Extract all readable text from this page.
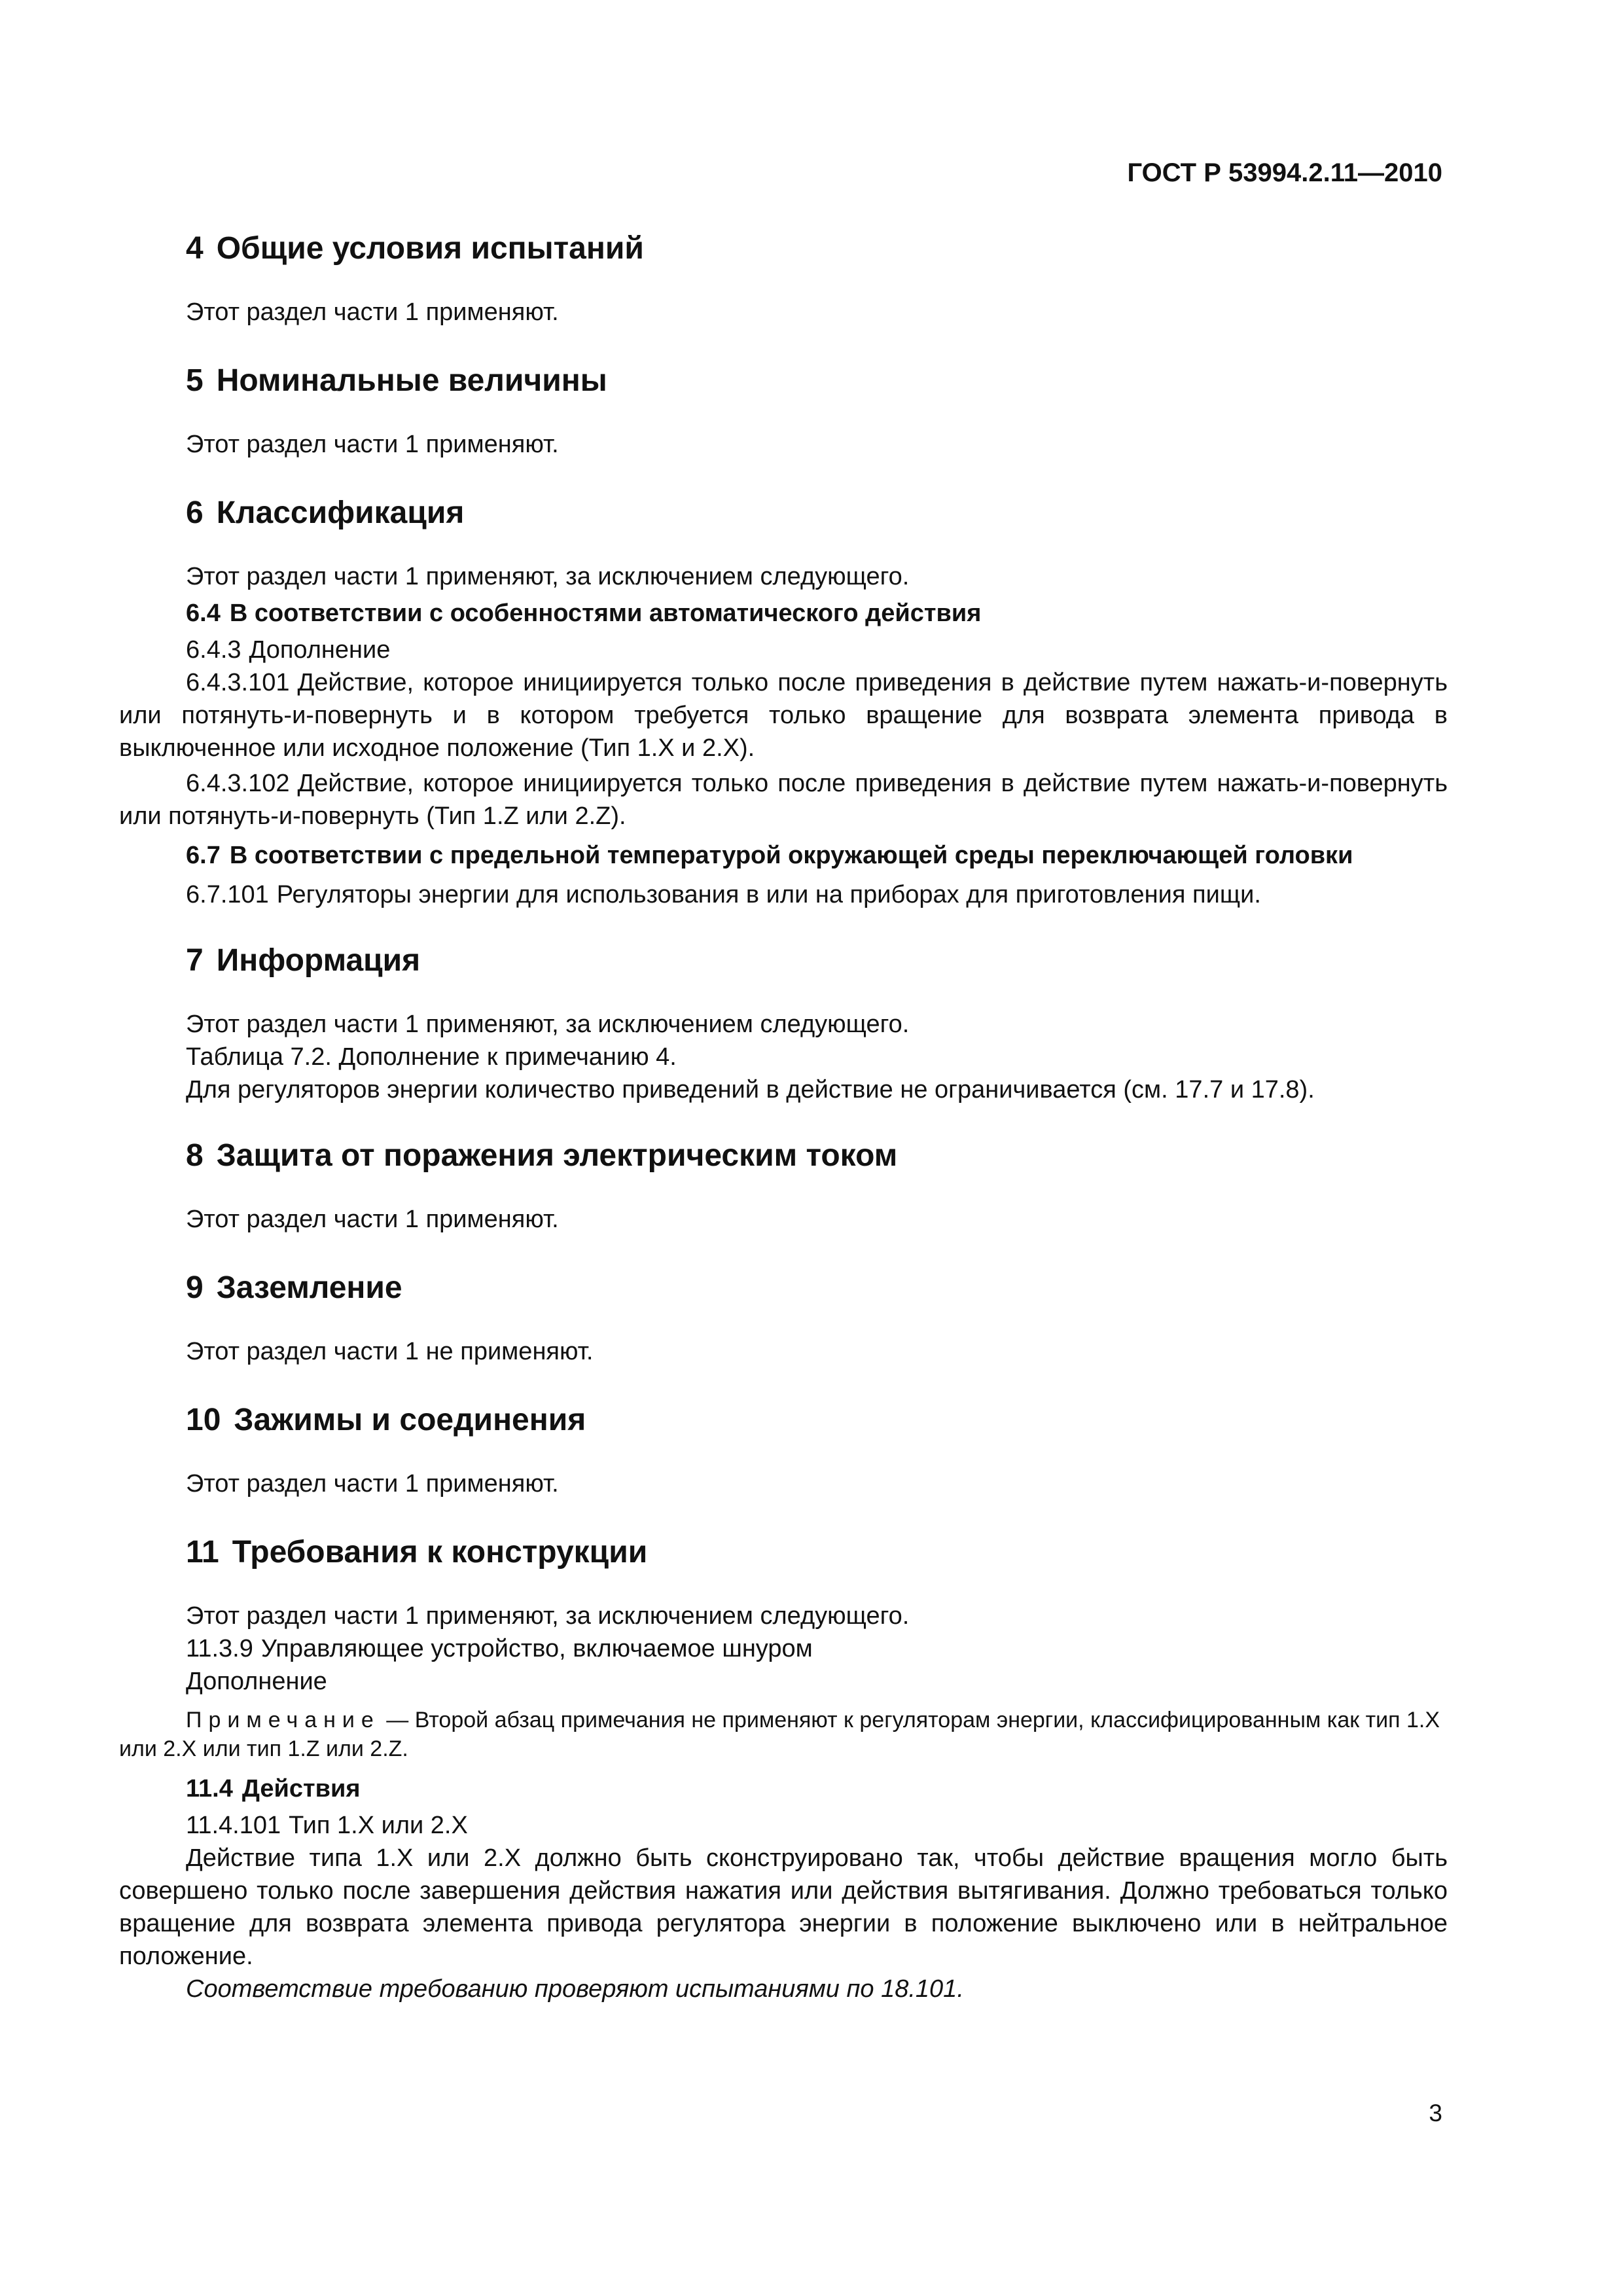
ГОСТ Р 53994.2.11—2010
4 Общие условия испытаний
Этот раздел части 1 применяют.
5 Номинальные величины
Этот раздел части 1 применяют.
6 Классификация
Этот раздел части 1 применяют, за исключением следующего.
6.4 В соответствии с особенностями автоматического действия
6.4.3 Дополнение
6.4.3.101 Действие, которое инициируется только после приведения в действие путем нажать-и-повернуть или потянуть-и-повернуть и в котором требуется только вращение для возврата элемента привода в выключенное или исходное положение (Тип 1.Х и 2.Х).
6.4.3.102 Действие, которое инициируется только после приведения в действие путем нажать-и-повернуть или потянуть-и-повернуть (Тип 1.Z или 2.Z).
6.7 В соответствии с предельной температурой окружающей среды переключающей головки
6.7.101 Регуляторы энергии для использования в или на приборах для приготовления пищи.
7 Информация
Этот раздел части 1 применяют, за исключением следующего.
Таблица 7.2. Дополнение к примечанию 4.
Для регуляторов энергии количество приведений в действие не ограничивается (см. 17.7 и 17.8).
8 Защита от поражения электрическим током
Этот раздел части 1 применяют.
9 Заземление
Этот раздел части 1 не применяют.
10 Зажимы и соединения
Этот раздел части 1 применяют.
11 Требования к конструкции
Этот раздел части 1 применяют, за исключением следующего.
11.3.9 Управляющее устройство, включаемое шнуром
Дополнение
Примечание — Второй абзац примечания не применяют к регуляторам энергии, классифицированным как тип 1.Х или 2.Х или тип 1.Z или 2.Z.
11.4 Действия
11.4.101 Тип 1.Х или 2.Х
Действие типа 1.Х или 2.Х должно быть сконструировано так, чтобы действие вращения могло быть совершено только после завершения действия нажатия или действия вытягивания. Должно требоваться только вращение для возврата элемента привода регулятора энергии в положение выключено или в нейтральное положение.
Соответствие требованию проверяют испытаниями по 18.101.
3
